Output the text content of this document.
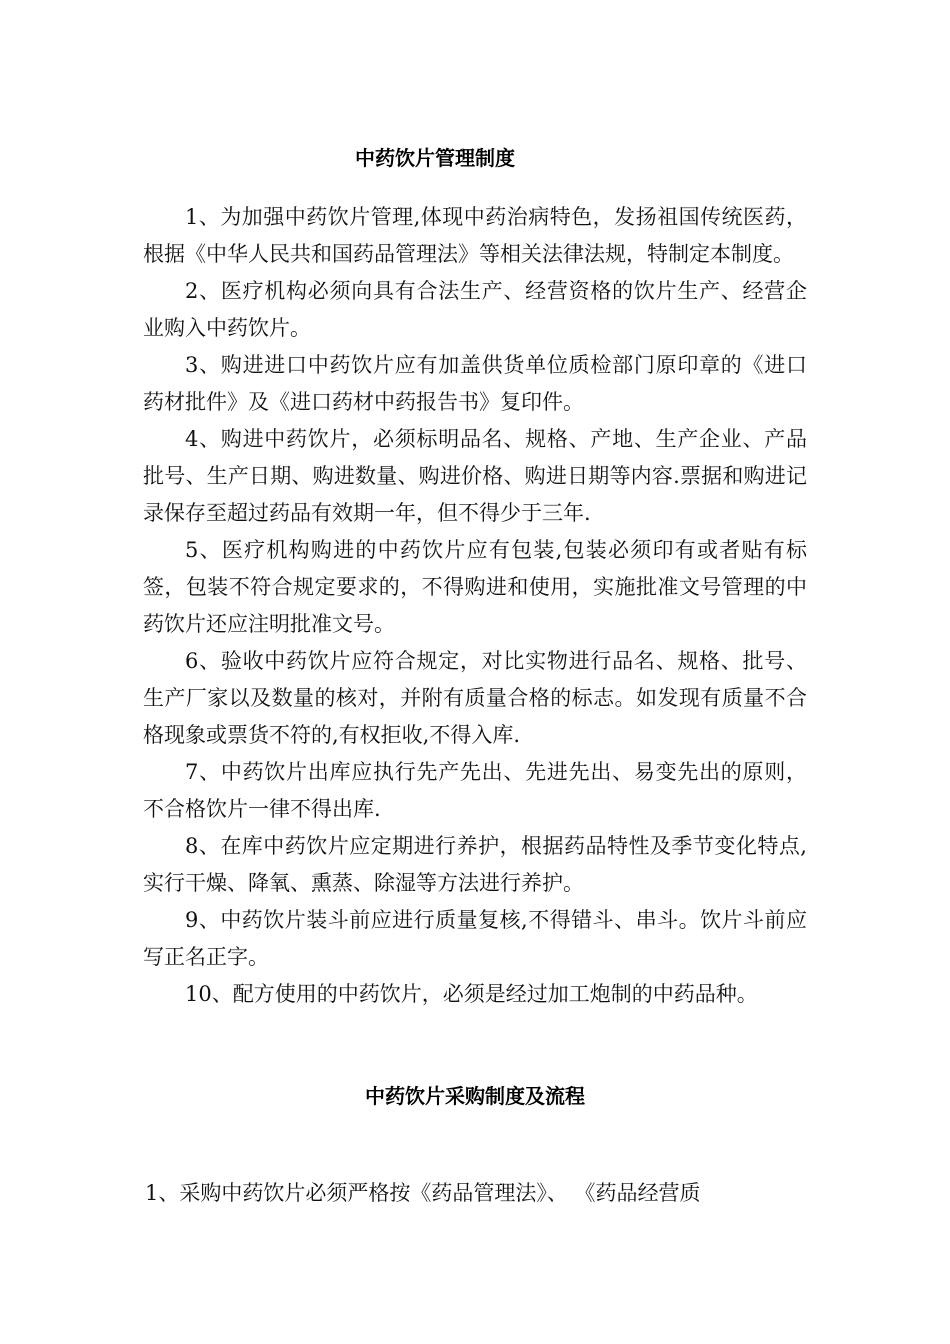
中药饮片管理制度

1、为加强中药饮片管理,体现中药治病特色，发扬祖国传统医药，根据《中华人民共和国药品管理法》等相关法律法规，特制定本制度。

2、医疗机构必须向具有合法生产、经营资格的饮片生产、经营企业购入中药饮片。

3、购进进口中药饮片应有加盖供货单位质检部门原印章的《进口药材批件》及《进口药材中药报告书》复印件。

4、购进中药饮片，必须标明品名、规格、产地、生产企业、产品批号、生产日期、购进数量、购进价格、购进日期等内容.票据和购进记录保存至超过药品有效期一年，但不得少于三年.

5、医疗机构购进的中药饮片应有包装,包装必须印有或者贴有标签，包装不符合规定要求的，不得购进和使用，实施批准文号管理的中药饮片还应注明批准文号。

6、验收中药饮片应符合规定，对比实物进行品名、规格、批号、生产厂家以及数量的核对，并附有质量合格的标志。如发现有质量不合格现象或票货不符的,有权拒收,不得入库.

7、中药饮片出库应执行先产先出、先进先出、易变先出的原则，不合格饮片一律不得出库.

8、在库中药饮片应定期进行养护，根据药品特性及季节变化特点,实行干燥、降氧、熏蒸、除湿等方法进行养护。

9、中药饮片装斗前应进行质量复核,不得错斗、串斗。饮片斗前应写正名正字。

10、配方使用的中药饮片，必须是经过加工炮制的中药品种。

中药饮片采购制度及流程

1、采购中药饮片必须严格按《药品管理法》、 《药品经营质
